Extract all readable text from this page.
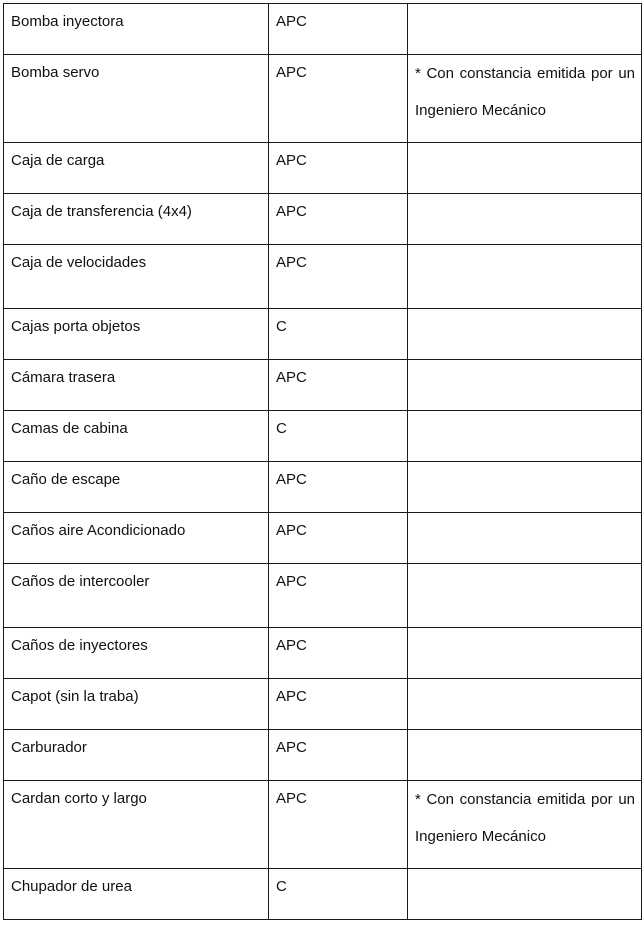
Bomba inyectora	APC	
Bomba servo	APC	* Con constancia emitida por un Ingeniero Mecánico
Caja de carga	APC	
Caja de transferencia (4x4)	APC	
Caja de velocidades	APC	
Cajas porta objetos	C	
Cámara trasera	APC	
Camas de cabina	C	
Caño de escape	APC	
Caños aire Acondicionado	APC	
Caños de intercooler	APC	
Caños de inyectores	APC	
Capot (sin la traba)	APC	
Carburador	APC	
Cardan corto y largo	APC	* Con constancia emitida por un Ingeniero Mecánico
Chupador de urea	C	
